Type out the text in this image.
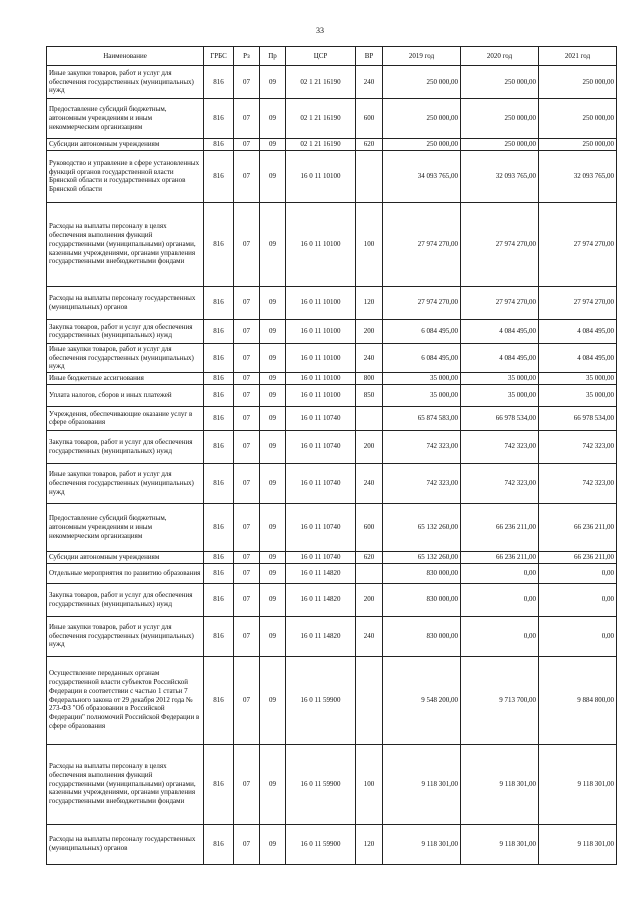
33
Наименование	ГРБС	Рз	Пр	ЦСР	ВР	2019 год	2020 год	2021 год
Иные закупки товаров, работ и услуг для обеспечения государственных (муниципальных) нужд	816	07	09	02 1 21 16190	240	250 000,00	250 000,00	250 000,00
Предоставление субсидий бюджетным, автономным учреждениям и иным некоммерческим организациям	816	07	09	02 1 21 16190	600	250 000,00	250 000,00	250 000,00
Субсидии автономным учреждениям	816	07	09	02 1 21 16190	620	250 000,00	250 000,00	250 000,00
Руководство и управление в сфере установленных функций органов государственной власти Брянской области и государственных органов Брянской области	816	07	09	16 0 11 10100		34 093 765,00	32 093 765,00	32 093 765,00
Расходы на выплаты персоналу в целях обеспечения выполнения функций государственными (муниципальными) органами, казенными учреждениями, органами управления государственными внебюджетными фондами	816	07	09	16 0 11 10100	100	27 974 270,00	27 974 270,00	27 974 270,00
Расходы на выплаты персоналу государственных (муниципальных) органов	816	07	09	16 0 11 10100	120	27 974 270,00	27 974 270,00	27 974 270,00
Закупка товаров, работ и услуг для обеспечения государственных (муниципальных) нужд	816	07	09	16 0 11 10100	200	6 084 495,00	4 084 495,00	4 084 495,00
Иные закупки товаров, работ и услуг для обеспечения государственных (муниципальных) нужд	816	07	09	16 0 11 10100	240	6 084 495,00	4 084 495,00	4 084 495,00
Иные бюджетные ассигнования	816	07	09	16 0 11 10100	800	35 000,00	35 000,00	35 000,00
Уплата налогов, сборов и иных платежей	816	07	09	16 0 11 10100	850	35 000,00	35 000,00	35 000,00
Учреждения, обеспечивающие оказание услуг в сфере образования	816	07	09	16 0 11 10740		65 874 583,00	66 978 534,00	66 978 534,00
Закупка товаров, работ и услуг для обеспечения государственных (муниципальных) нужд	816	07	09	16 0 11 10740	200	742 323,00	742 323,00	742 323,00
Иные закупки товаров, работ и услуг для обеспечения государственных (муниципальных) нужд	816	07	09	16 0 11 10740	240	742 323,00	742 323,00	742 323,00
Предоставление субсидий бюджетным, автономным учреждениям и иным некоммерческим организациям	816	07	09	16 0 11 10740	600	65 132 260,00	66 236 211,00	66 236 211,00
Субсидии автономным учреждениям	816	07	09	16 0 11 10740	620	65 132 260,00	66 236 211,00	66 236 211,00
Отдельные мероприятия по развитию образования	816	07	09	16 0 11 14820		830 000,00	0,00	0,00
Закупка товаров, работ и услуг для обеспечения государственных (муниципальных) нужд	816	07	09	16 0 11 14820	200	830 000,00	0,00	0,00
Иные закупки товаров, работ и услуг для обеспечения государственных (муниципальных) нужд	816	07	09	16 0 11 14820	240	830 000,00	0,00	0,00
Осуществление переданных органам государственной власти субъектов Российской Федерации в соответствии с частью 1 статьи 7 Федерального закона от 29 декабря 2012 года № 273-ФЗ "Об образовании в Российской Федерации" полномочий Российской Федерации в сфере образования	816	07	09	16 0 11 59900		9 548 200,00	9 713 700,00	9 884 800,00
Расходы на выплаты персоналу в целях обеспечения выполнения функций государственными (муниципальными) органами, казенными учреждениями, органами управления государственными внебюджетными фондами	816	07	09	16 0 11 59900	100	9 118 301,00	9 118 301,00	9 118 301,00
Расходы на выплаты персоналу государственных (муниципальных) органов	816	07	09	16 0 11 59900	120	9 118 301,00	9 118 301,00	9 118 301,00
